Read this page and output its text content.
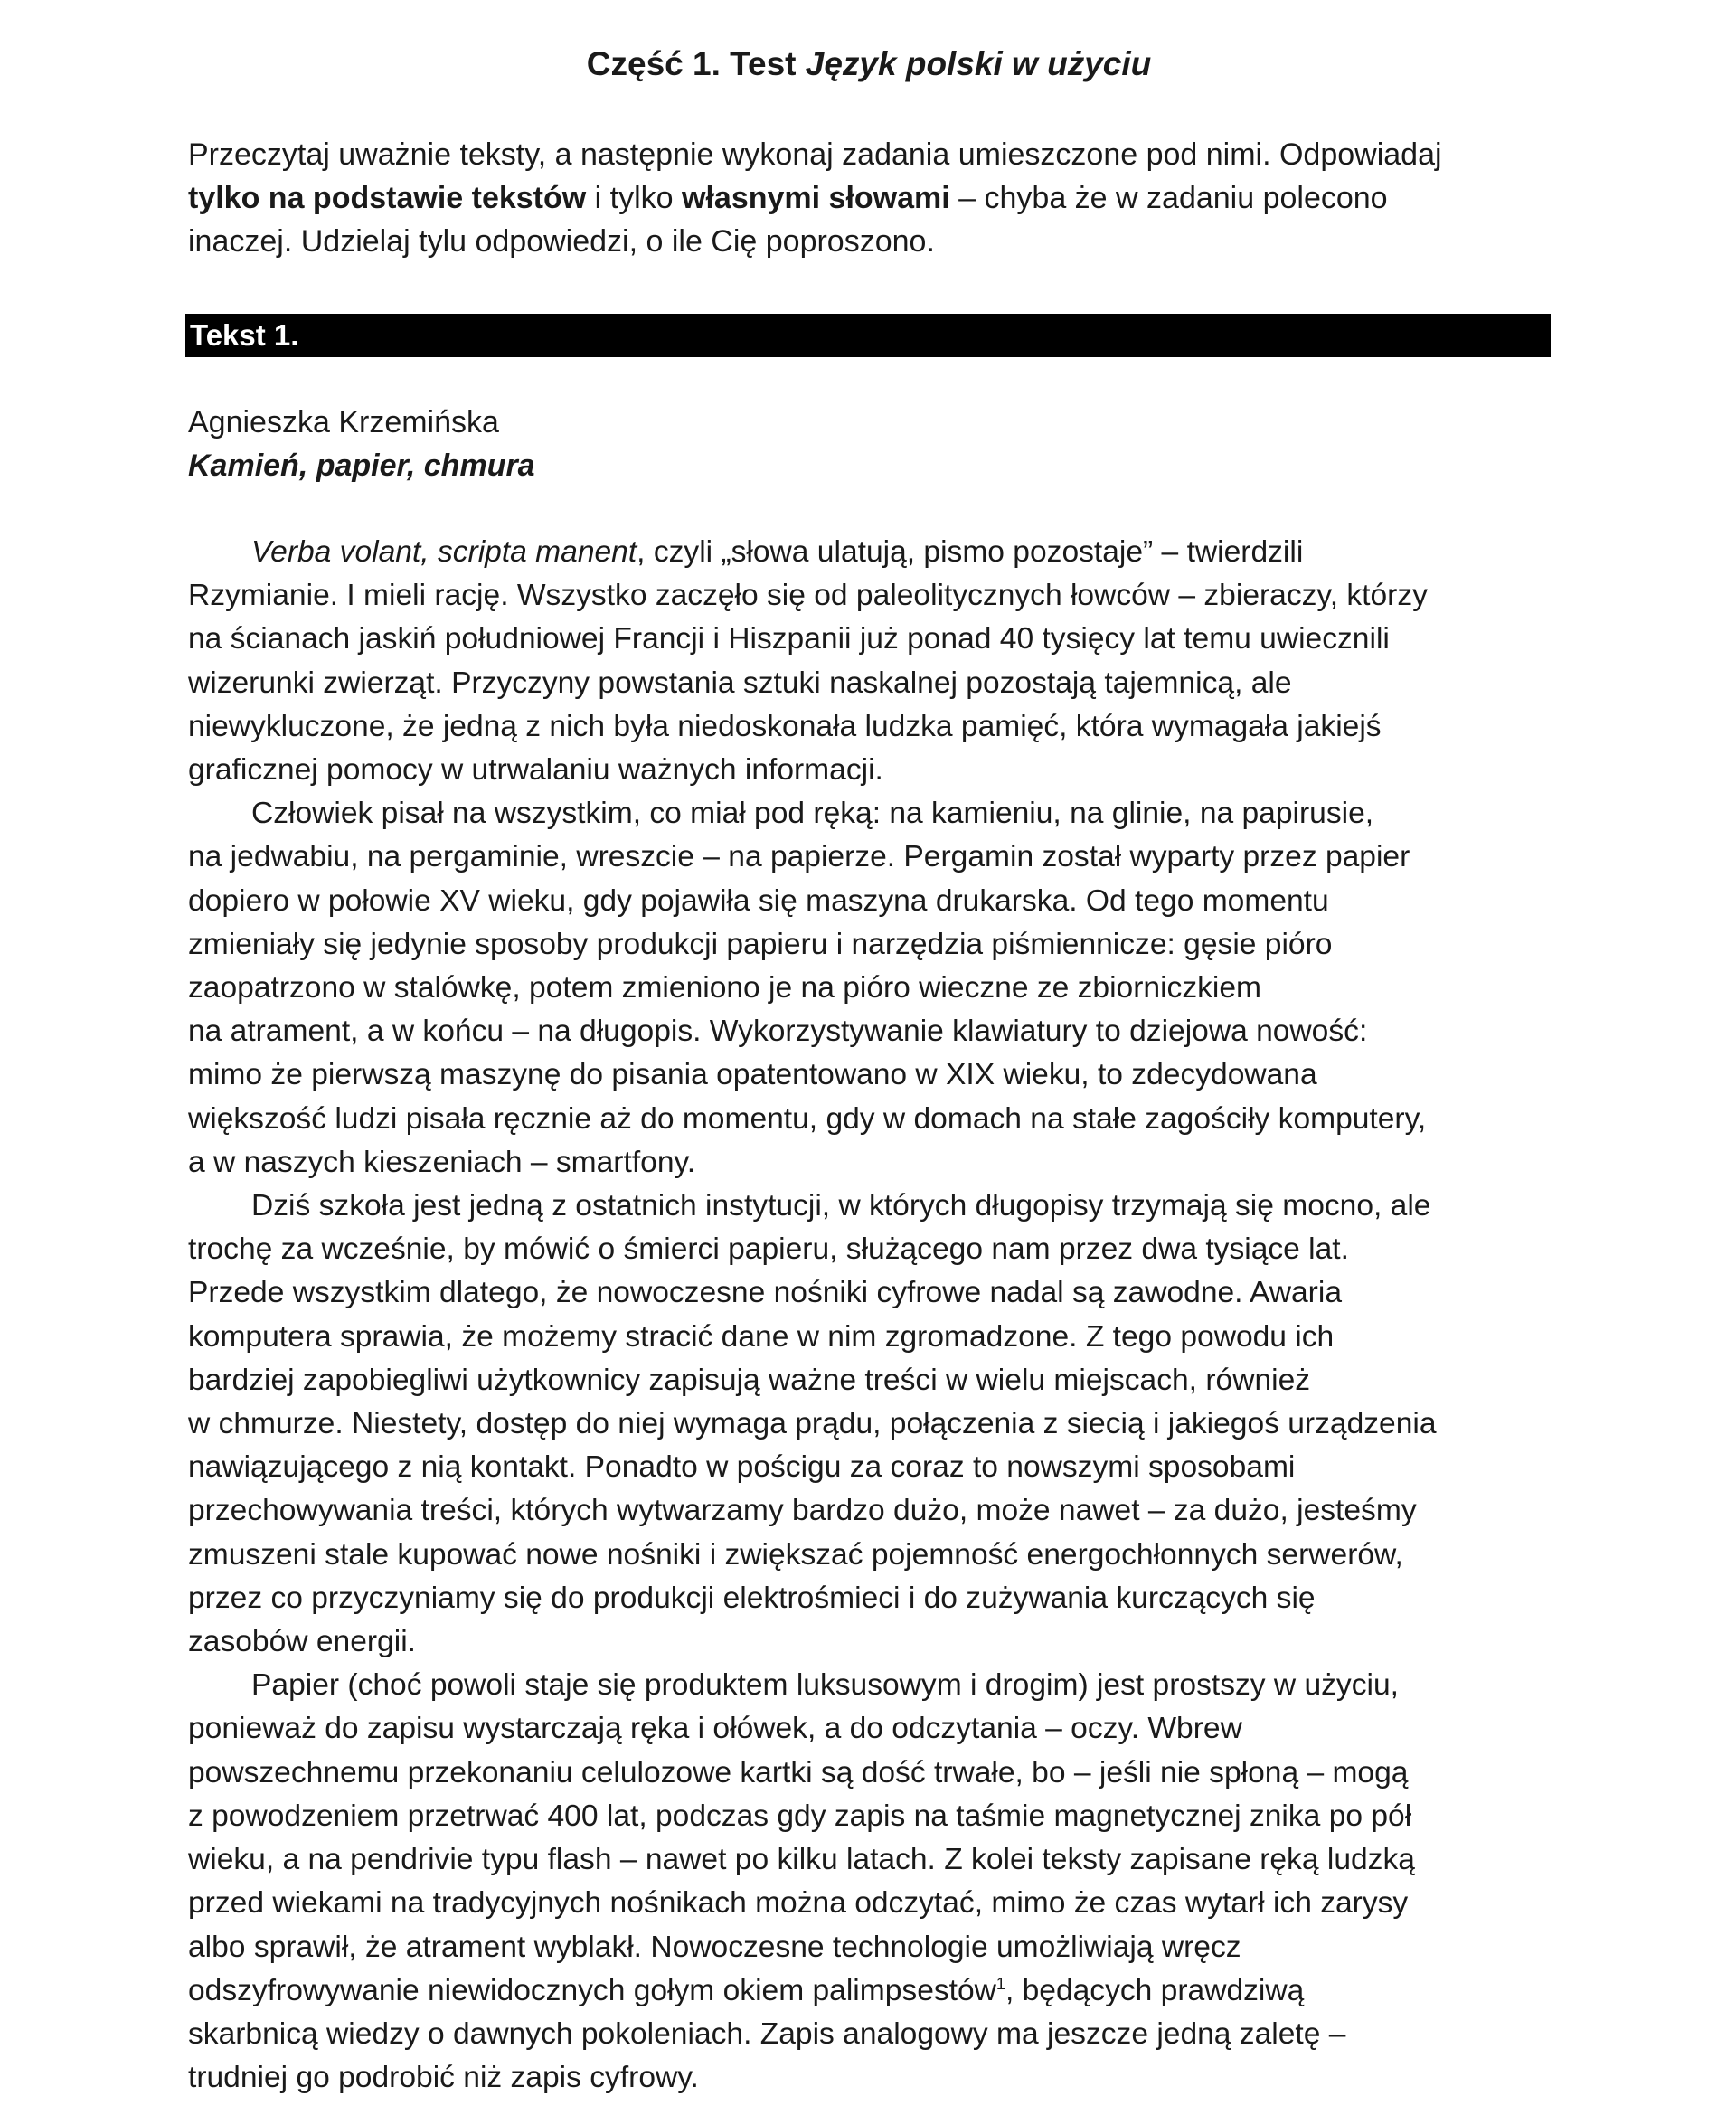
Część 1. Test Język polski w użyciu
Przeczytaj uważnie teksty, a następnie wykonaj zadania umieszczone pod nimi. Odpowiadaj
tylko na podstawie tekstów i tylko własnymi słowami – chyba że w zadaniu polecono
inaczej. Udzielaj tylu odpowiedzi, o ile Cię poproszono.
Tekst 1.
Agnieszka Krzemińska
Kamień, papier, chmura
Verba volant, scripta manent, czyli „słowa ulatują, pismo pozostaje” – twierdzili
Rzymianie. I mieli rację. Wszystko zaczęło się od paleolitycznych łowców – zbieraczy, którzy
na ścianach jaskiń południowej Francji i Hiszpanii już ponad 40 tysięcy lat temu uwiecznili
wizerunki zwierząt. Przyczyny powstania sztuki naskalnej pozostają tajemnicą, ale
niewykluczone, że jedną z nich była niedoskonała ludzka pamięć, która wymagała jakiejś
graficznej pomocy w utrwalaniu ważnych informacji.
Człowiek pisał na wszystkim, co miał pod ręką: na kamieniu, na glinie, na papirusie,
na jedwabiu, na pergaminie, wreszcie – na papierze. Pergamin został wyparty przez papier
dopiero w połowie XV wieku, gdy pojawiła się maszyna drukarska. Od tego momentu
zmieniały się jedynie sposoby produkcji papieru i narzędzia piśmiennicze: gęsie pióro
zaopatrzono w stalówkę, potem zmieniono je na pióro wieczne ze zbiorniczkiem
na atrament, a w końcu – na długopis. Wykorzystywanie klawiatury to dziejowa nowość:
mimo że pierwszą maszynę do pisania opatentowano w XIX wieku, to zdecydowana
większość ludzi pisała ręcznie aż do momentu, gdy w domach na stałe zagościły komputery,
a w naszych kieszeniach – smartfony.
Dziś szkoła jest jedną z ostatnich instytucji, w których długopisy trzymają się mocno, ale
trochę za wcześnie, by mówić o śmierci papieru, służącego nam przez dwa tysiące lat.
Przede wszystkim dlatego, że nowoczesne nośniki cyfrowe nadal są zawodne. Awaria
komputera sprawia, że możemy stracić dane w nim zgromadzone. Z tego powodu ich
bardziej zapobiegliwi użytkownicy zapisują ważne treści w wielu miejscach, również
w chmurze. Niestety, dostęp do niej wymaga prądu, połączenia z siecią i jakiegoś urządzenia
nawiązującego z nią kontakt. Ponadto w pościgu za coraz to nowszymi sposobami
przechowywania treści, których wytwarzamy bardzo dużo, może nawet – za dużo, jesteśmy
zmuszeni stale kupować nowe nośniki i zwiększać pojemność energochłonnych serwerów,
przez co przyczyniamy się do produkcji elektrośmieci i do zużywania kurczących się
zasobów energii.
Papier (choć powoli staje się produktem luksusowym i drogim) jest prostszy w użyciu,
ponieważ do zapisu wystarczają ręka i ołówek, a do odczytania – oczy. Wbrew
powszechnemu przekonaniu celulozowe kartki są dość trwałe, bo – jeśli nie spłoną – mogą
z powodzeniem przetrwać 400 lat, podczas gdy zapis na taśmie magnetycznej znika po pół
wieku, a na pendrivie typu flash – nawet po kilku latach. Z kolei teksty zapisane ręką ludzką
przed wiekami na tradycyjnych nośnikach można odczytać, mimo że czas wytarł ich zarysy
albo sprawił, że atrament wyblakł. Nowoczesne technologie umożliwiają wręcz
odszyfrowywanie niewidocznych gołym okiem palimpsestów$^1$, będących prawdziwą
skarbnicą wiedzy o dawnych pokoleniach. Zapis analogowy ma jeszcze jedną zaletę –
trudniej go podrobić niż zapis cyfrowy.
